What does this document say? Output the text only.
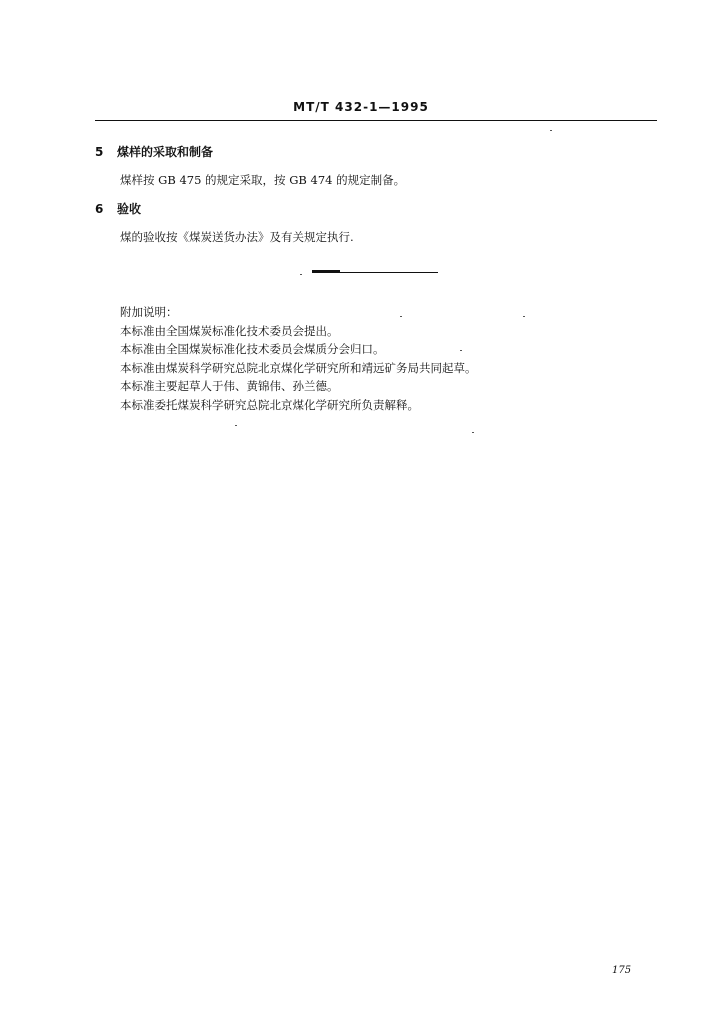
MT/T 432-1—1995
5 煤样的采取和制备
煤样按 GB 475 的规定采取，按 GB 474 的规定制备。
6 验收
煤的验收按《煤炭送货办法》及有关规定执行.
附加说明：
本标准由全国煤炭标准化技术委员会提出。
本标准由全国煤炭标准化技术委员会煤质分会归口。
本标准由煤炭科学研究总院北京煤化学研究所和靖远矿务局共同起草。
本标准主要起草人于伟、黄锦伟、孙兰德。
本标准委托煤炭科学研究总院北京煤化学研究所负责解释。
175
